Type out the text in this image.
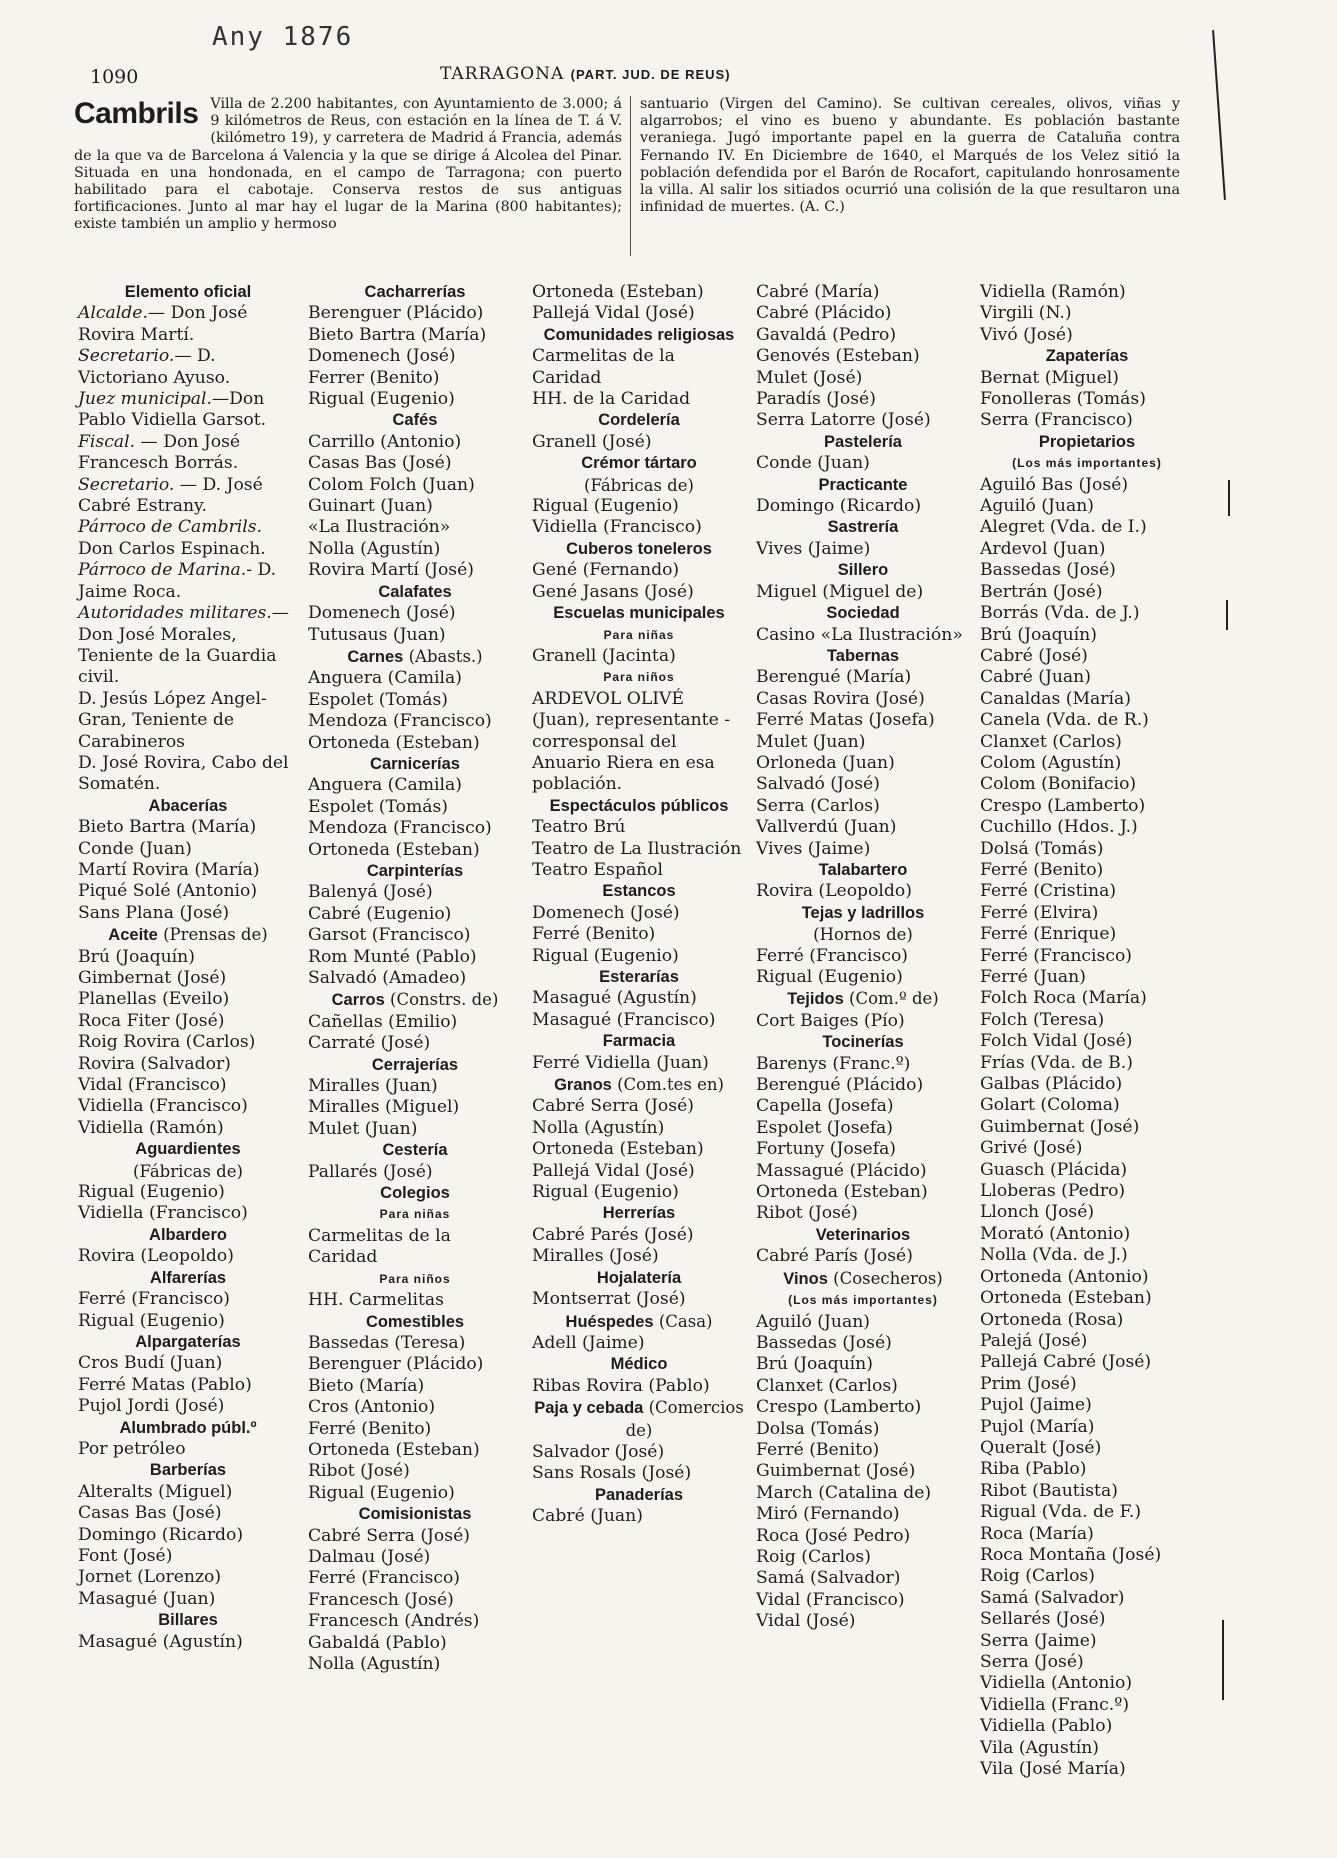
Any 1876
1090	TARRAGONA (PART. JUD. DE REUS)
Cambrils Villa de 2.200 habitantes, con Ayuntamiento de 3.000; á 9 kilómetros de Reus, con estación en la línea de T. á V. (kilómetro 19), y carretera de Madrid á Francia, además de la que va de Barcelona á Valencia y la que se dirige á Alcolea del Pinar. Situada en una hondonada, en el campo de Tarragona; con puerto habilitado para el cabotaje. Conserva restos de sus antiguas fortificaciones. Junto al mar hay el lugar de la Marina (800 habitantes); existe también un amplio y hermoso
santuario (Virgen del Camino). Se cultivan cereales, olivos, viñas y algarrobos; el vino es bueno y abundante. Es población bastante veraniega. Jugó importante papel en la guerra de Cataluña contra Fernando IV. En Diciembre de 1640, el Marqués de los Velez sitió la población defendida por el Barón de Rocafort, capitulando honrosamente la villa. Al salir los sitiados ocurrió una colisión de la que resultaron una infinidad de muertes. (A. C.)
Elemento oficial
Alcalde.— Don José Rovira Martí.
Secretario.— D. Victoriano Ayuso.
Juez municipal.—Don Pablo Vidiella Garsot.
Fiscal. — Don José Francesch Borrás.
Secretario. — D. José Cabré Estrany.
Párroco de Cambrils. Don Carlos Espinach.
Párroco de Marina.- D. Jaime Roca.
Autoridades militares.—Don José Morales, Teniente de la Guardia civil.
D. Jesús López Angel-Gran, Teniente de Carabineros
D. José Rovira, Cabo del Somatén.
Abacerías
Bieto Bartra (María)
Conde (Juan)
Martí Rovira (María)
Piqué Solé (Antonio)
Sans Plana (José)
Aceite (Prensas de)
Brú (Joaquín)
Gimbernat (José)
Planellas (Eveilo)
Roca Fiter (José)
Roig Rovira (Carlos)
Rovira (Salvador)
Vidal (Francisco)
Vidiella (Francisco)
Vidiella (Ramón)
Aguardientes
(Fábricas de)
Rigual (Eugenio)
Vidiella (Francisco)
Albardero
Rovira (Leopoldo)
Alfarerías
Ferré (Francisco)
Rigual (Eugenio)
Alpargaterías
Cros Budí (Juan)
Ferré Matas (Pablo)
Pujol Jordi (José)
Alumbrado públ.º
Por petróleo
Barberías
Alteralts (Miguel)
Casas Bas (José)
Domingo (Ricardo)
Font (José)
Jornet (Lorenzo)
Masagué (Juan)
Billares
Masagué (Agustín)
Cacharrerías
Berenguer (Plácido)
Bieto Bartra (María)
Domenech (José)
Ferrer (Benito)
Rigual (Eugenio)
Cafés
Carrillo (Antonio)
Casas Bas (José)
Colom Folch (Juan)
Guinart (Juan)
«La Ilustración»
Nolla (Agustín)
Rovira Martí (José)
Calafates
Domenech (José)
Tutusaus (Juan)
Carnes (Abasts.)
Anguera (Camila)
Espolet (Tomás)
Mendoza (Francisco)
Ortoneda (Esteban)
Carnicerías
Anguera (Camila)
Espolet (Tomás)
Mendoza (Francisco)
Ortoneda (Esteban)
Carpinterías
Balenyá (José)
Cabré (Eugenio)
Garsot (Francisco)
Rom Munté (Pablo)
Salvadó (Amadeo)
Carros (Constrs. de)
Cañellas (Emilio)
Carraté (José)
Cerrajerías
Miralles (Juan)
Miralles (Miguel)
Mulet (Juan)
Cestería
Pallarés (José)
Colegios
Para niñas
Carmelitas de la Caridad
Para niños
HH. Carmelitas
Comestibles
Bassedas (Teresa)
Berenguer (Plácido)
Bieto (María)
Cros (Antonio)
Ferré (Benito)
Ortoneda (Esteban)
Ribot (José)
Rigual (Eugenio)
Comisionistas
Cabré Serra (José)
Dalmau (José)
Ferré (Francisco)
Francesch (José)
Francesch (Andrés)
Gabaldá (Pablo)
Nolla (Agustín)
Ortoneda (Esteban)
Pallejá Vidal (José)
Comunidades religiosas
Carmelitas de la Caridad
HH. de la Caridad
Cordelería
Granell (José)
Crémor tártaro
(Fábricas de)
Rigual (Eugenio)
Vidiella (Francisco)
Cuberos toneleros
Gené (Fernando)
Gené Jasans (José)
Escuelas municipales
Para niñas
Granell (Jacinta)
Para niños
ARDEVOL OLIVÉ (Juan), representante - corresponsal del Anuario Riera en esa población.
Espectáculos públicos
Teatro Brú
Teatro de La Ilustración
Teatro Español
Estancos
Domenech (José)
Ferré (Benito)
Rigual (Eugenio)
Esterarías
Masagué (Agustín)
Masagué (Francisco)
Farmacia
Ferré Vidiella (Juan)
Granos (Com.tes en)
Cabré Serra (José)
Nolla (Agustín)
Ortoneda (Esteban)
Pallejá Vidal (José)
Rigual (Eugenio)
Herrerías
Cabré Parés (José)
Miralles (José)
Hojalatería
Montserrat (José)
Huéspedes (Casa)
Adell (Jaime)
Médico
Ribas Rovira (Pablo)
Paja y cebada (Comercios de)
Salvador (José)
Sans Rosals (José)
Panaderías
Cabré (Juan)
Cabré (María)
Cabré (Plácido)
Gavaldá (Pedro)
Genovés (Esteban)
Mulet (José)
Paradís (José)
Serra Latorre (José)
Pastelería
Conde (Juan)
Practicante
Domingo (Ricardo)
Sastrería
Vives (Jaime)
Sillero
Miguel (Miguel de)
Sociedad
Casino «La Ilustración»
Tabernas
Berengué (María)
Casas Rovira (José)
Ferré Matas (Josefa)
Mulet (Juan)
Orloneda (Juan)
Salvadó (José)
Serra (Carlos)
Vallverdú (Juan)
Vives (Jaime)
Talabartero
Rovira (Leopoldo)
Tejas y ladrillos
(Hornos de)
Ferré (Francisco)
Rigual (Eugenio)
Tejidos (Com.º de)
Cort Baiges (Pío)
Tocinerías
Barenys (Franc.º)
Berengué (Plácido)
Capella (Josefa)
Espolet (Josefa)
Fortuny (Josefa)
Massagué (Plácido)
Ortoneda (Esteban)
Ribot (José)
Veterinarios
Cabré París (José)
Vinos (Cosecheros)
(Los más importantes)
Aguiló (Juan)
Bassedas (José)
Brú (Joaquín)
Clanxet (Carlos)
Crespo (Lamberto)
Dolsa (Tomás)
Ferré (Benito)
Guimbernat (José)
March (Catalina de)
Miró (Fernando)
Roca (José Pedro)
Roig (Carlos)
Samá (Salvador)
Vidal (Francisco)
Vidal (José)
Vidiella (Ramón)
Virgili (N.)
Vivó (José)
Zapaterías
Bernat (Miguel)
Fonolleras (Tomás)
Serra (Francisco)
Propietarios
(Los más importantes)
Aguiló Bas (José)
Aguiló (Juan)
Alegret (Vda. de I.)
Ardevol (Juan)
Bassedas (José)
Bertrán (José)
Borrás (Vda. de J.)
Brú (Joaquín)
Cabré (José)
Cabré (Juan)
Canaldas (María)
Canela (Vda. de R.)
Clanxet (Carlos)
Colom (Agustín)
Colom (Bonifacio)
Crespo (Lamberto)
Cuchillo (Hdos. J.)
Dolsá (Tomás)
Ferré (Benito)
Ferré (Cristina)
Ferré (Elvira)
Ferré (Enrique)
Ferré (Francisco)
Ferré (Juan)
Folch Roca (María)
Folch (Teresa)
Folch Vidal (José)
Frías (Vda. de B.)
Galbas (Plácido)
Golart (Coloma)
Guimbernat (José)
Grivé (José)
Guasch (Plácida)
Lloberas (Pedro)
Llonch (José)
Morató (Antonio)
Nolla (Vda. de J.)
Ortoneda (Antonio)
Ortoneda (Esteban)
Ortoneda (Rosa)
Palejá (José)
Pallejá Cabré (José)
Prim (José)
Pujol (Jaime)
Pujol (María)
Queralt (José)
Riba (Pablo)
Ribot (Bautista)
Rigual (Vda. de F.)
Roca (María)
Roca Montaña (José)
Roig (Carlos)
Samá (Salvador)
Sellarés (José)
Serra (Jaime)
Serra (José)
Vidiella (Antonio)
Vidiella (Franc.º)
Vidiella (Pablo)
Vila (Agustín)
Vila (José María)
